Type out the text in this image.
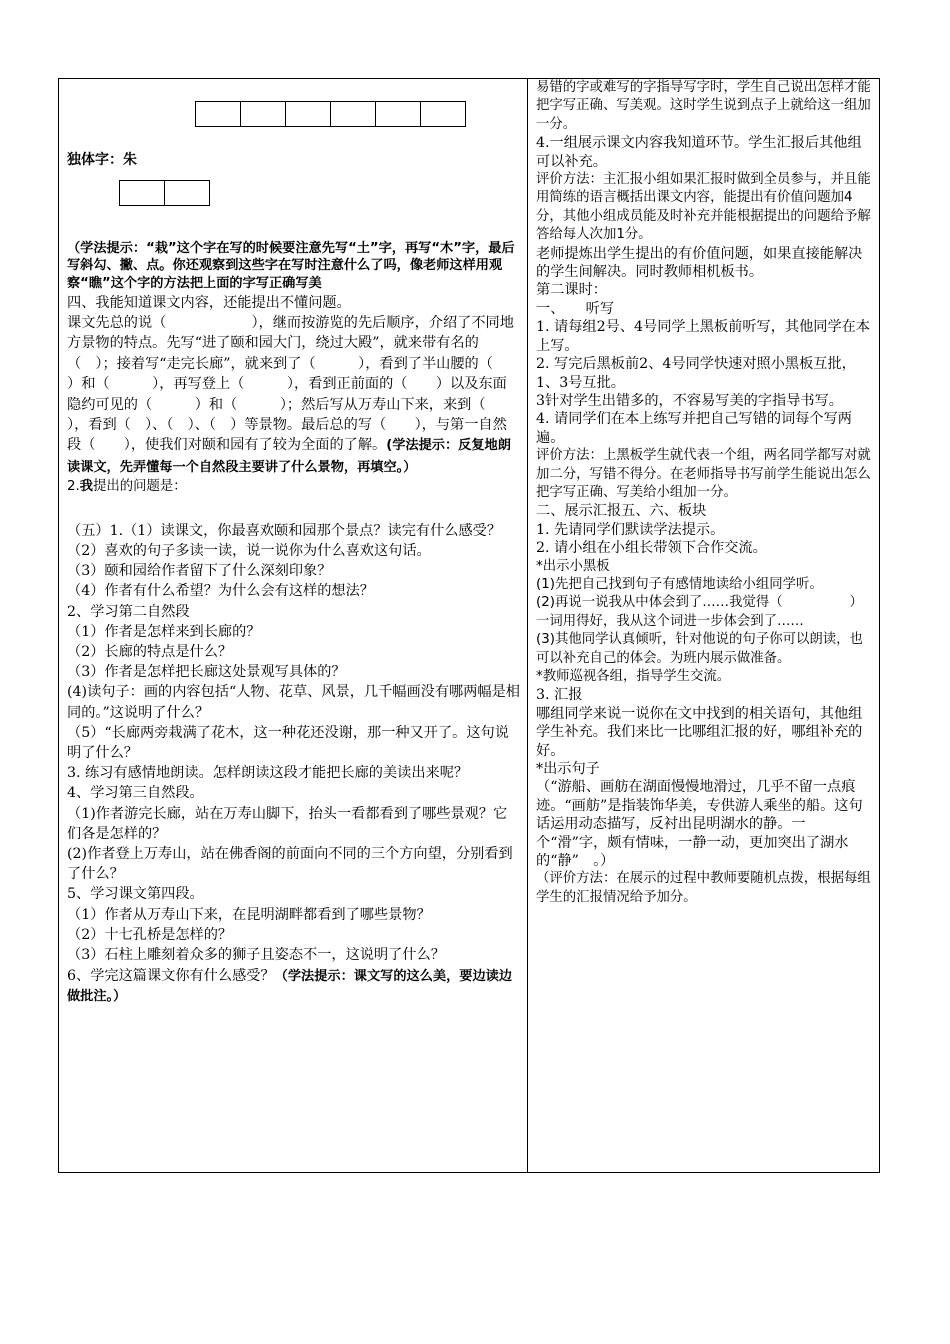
独体字：朱

（学法提示：“栽”这个字在写的时候要注意先写“土”字，再写“木”字，最后写斜勾、撇、点。你还观察到这些字在写时注意什么了吗，像老师这样用观察“瞧”这个字的方法把上面的字写正确写美

四、我能知道课文内容，还能提出不懂问题。

课文先总的说（　　　　　　），继而按游览的先后顺序，介绍了不同地方景物的特点。先写“进了颐和园大门，绕过大殿”，就来带有名的（　）；接着写“走完长廊”，就来到了（　　　），看到了半山腰的（　　）和（　　　），再写登上（　　　），看到正前面的（　　）以及东面隐约可见的（　　　）和（　　　）；然后写从万寿山下来，来到（　　），看到（　）、（　）、（　）等景物。最后总的写（　　），与第一自然段（　　），使我们对颐和园有了较为全面的了解。(学法提示：反复地朗读课文，先弄懂每一个自然段主要讲了什么景物，再填空。）

2.我提出的问题是：

（五）1.（1）读课文，你最喜欢颐和园那个景点？读完有什么感受？

（2）喜欢的句子多读一读，说一说你为什么喜欢这句话。

（3）颐和园给作者留下了什么深刻印象？

（4）作者有什么希望？为什么会有这样的想法？

2、学习第二自然段

（1）作者是怎样来到长廊的？

（2）长廊的特点是什么？

（3）作者是怎样把长廊这处景观写具体的？

(4)读句子：画的内容包括“人物、花草、风景，几千幅画没有哪两幅是相同的。”这说明了什么？

（5）“长廊两旁栽满了花木，这一种花还没谢，那一种又开了。这句说明了什么？

3. 练习有感情地朗读。怎样朗读这段才能把长廊的美读出来呢？

4、学习第三自然段。

（1)作者游完长廊，站在万寿山脚下，抬头一看都看到了哪些景观？它们各是怎样的？

(2)作者登上万寿山，站在佛香阁的前面向不同的三个方向望，分别看到了什么？

5、学习课文第四段。

（1）作者从万寿山下来，在昆明湖畔都看到了哪些景物？

（2）十七孔桥是怎样的？

（3）石柱上雕刻着众多的狮子且姿态不一，这说明了什么？

6、学完这篇课文你有什么感受？（学法提示：课文写的这么美，要边读边做批注。）

易错的字或难写的字指导写字时，学生自己说出怎样才能把字写正确、写美观。这时学生说到点子上就给这一组加一分。

4.一组展示课文内容我知道环节。学生汇报后其他组可以补充。

评价方法：主汇报小组如果汇报时做到全员参与，并且能用简练的语言概括出课文内容，能提出有价值问题加4分，其他小组成员能及时补充并能根据提出的问题给予解答给每人次加1分。

老师提炼出学生提出的有价值问题，如果直接能解决的学生间解决。同时教师相机板书。

第二课时：

一、　　听写

1. 请每组2号、4号同学上黑板前听写，其他同学在本上写。

2. 写完后黑板前2、4号同学快速对照小黑板互批，1、3号互批。

3针对学生出错多的，不容易写美的字指导书写。

4. 请同学们在本上练写并把自己写错的词每个写两遍。

评价方法：上黑板学生就代表一个组，两名同学都写对就加二分，写错不得分。在老师指导书写前学生能说出怎么把字写正确、写美给小组加一分。

二、展示汇报五、六、板块

1. 先请同学们默读学法提示。

2. 请小组在小组长带领下合作交流。

*出示小黑板

(1)先把自己找到句子有感情地读给小组同学听。

(2)再说一说我从中体会到了……我觉得（　　　　　）一词用得好，我从这个词进一步体会到了……

(3)其他同学认真倾听，针对他说的句子你可以朗读，也可以补充自己的体会。为班内展示做准备。

*教师巡视各组，指导学生交流。

3. 汇报

哪组同学来说一说你在文中找到的相关语句，其他组学生补充。我们来比一比哪组汇报的好，哪组补充的好。

*出示句子

（“游船、画舫在湖面慢慢地滑过，几乎不留一点痕迹。“画舫”是指装饰华美，专供游人乘坐的船。这句话运用动态描写，反衬出昆明湖水的静。一个“滑”字，颇有情味，一静一动，更加突出了湖水的“静”　。）

（评价方法：在展示的过程中教师要随机点拨，根据每组学生的汇报情况给予加分。
